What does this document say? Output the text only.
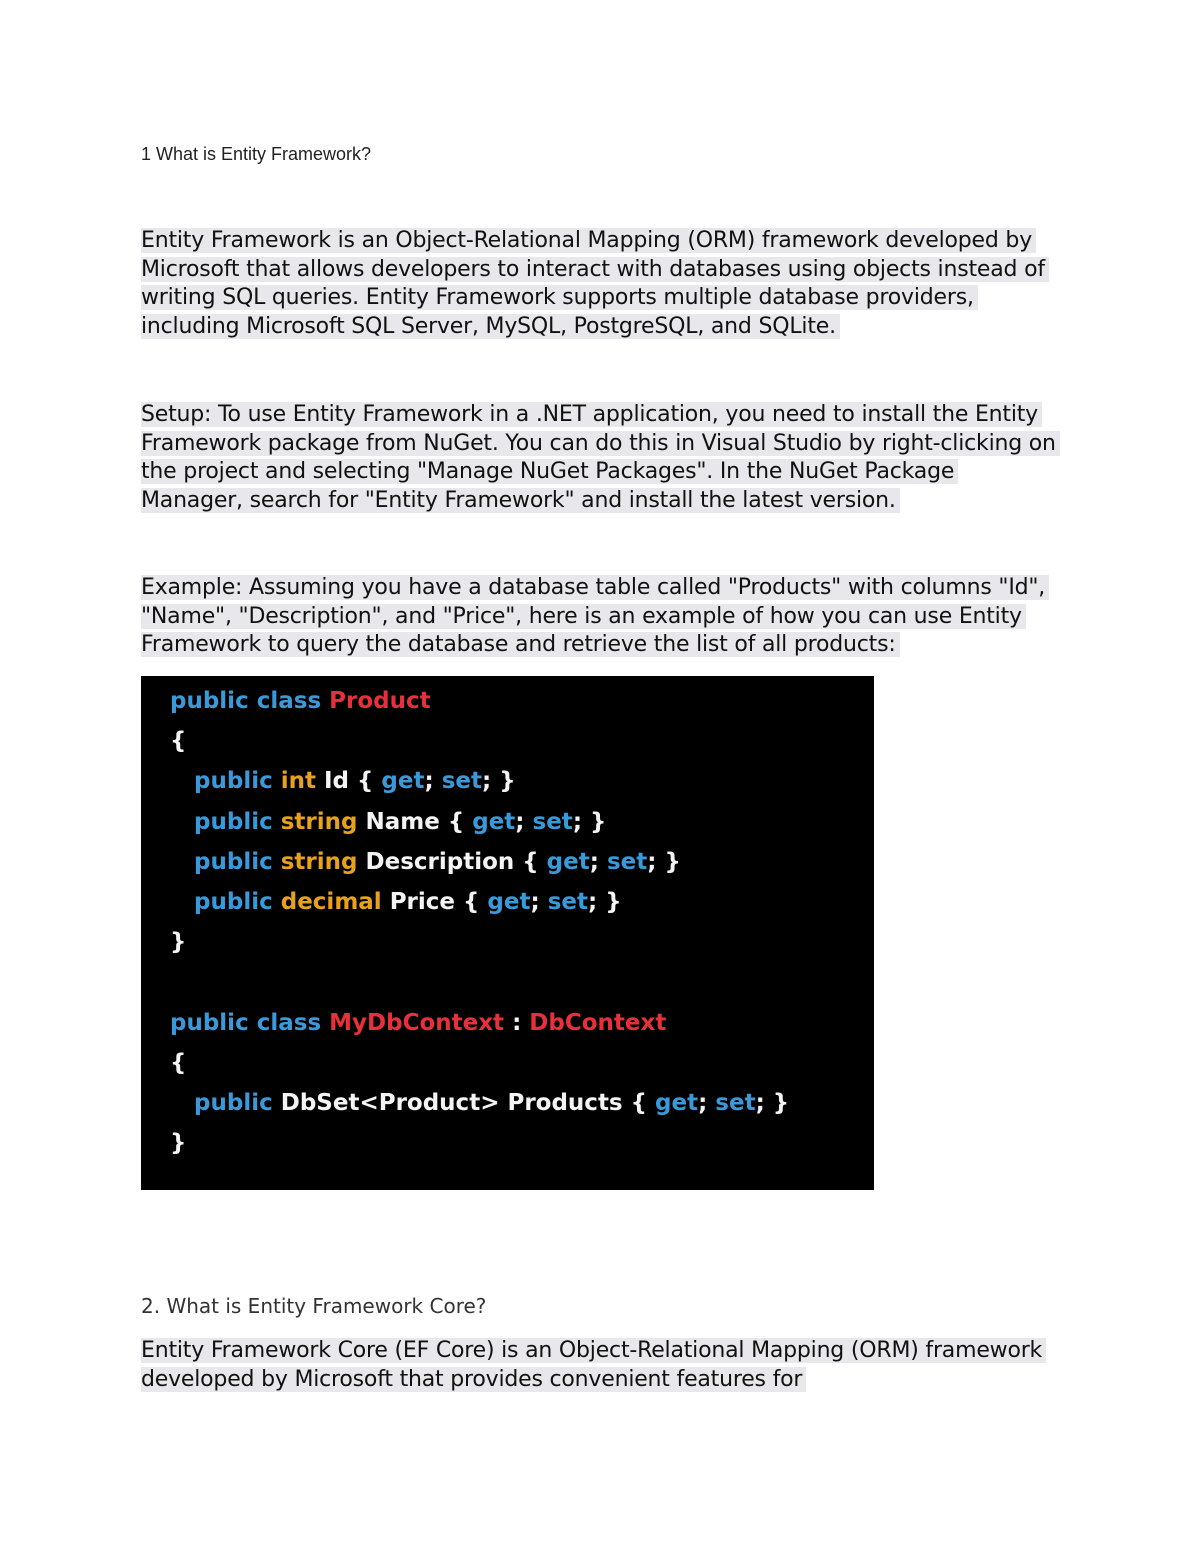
1 What is Entity Framework?
Entity Framework is an Object-Relational Mapping (ORM) framework developed by Microsoft that allows developers to interact with databases using objects instead of writing SQL queries. Entity Framework supports multiple database providers, including Microsoft SQL Server, MySQL, PostgreSQL, and SQLite.
Setup: To use Entity Framework in a .NET application, you need to install the Entity Framework package from NuGet. You can do this in Visual Studio by right-clicking on the project and selecting "Manage NuGet Packages". In the NuGet Package Manager, search for "Entity Framework" and install the latest version.
Example: Assuming you have a database table called "Products" with columns "Id", "Name", "Description", and "Price", here is an example of how you can use Entity Framework to query the database and retrieve the list of all products:
public class Product
{
public int Id { get; set; }
public string Name { get; set; }
public string Description { get; set; }
public decimal Price { get; set; }
}
public class MyDbContext : DbContext
{
public DbSet<Product> Products { get; set; }
}
2. What is Entity Framework Core?
Entity Framework Core (EF Core) is an Object-Relational Mapping (ORM) framework developed by Microsoft that provides convenient features for
